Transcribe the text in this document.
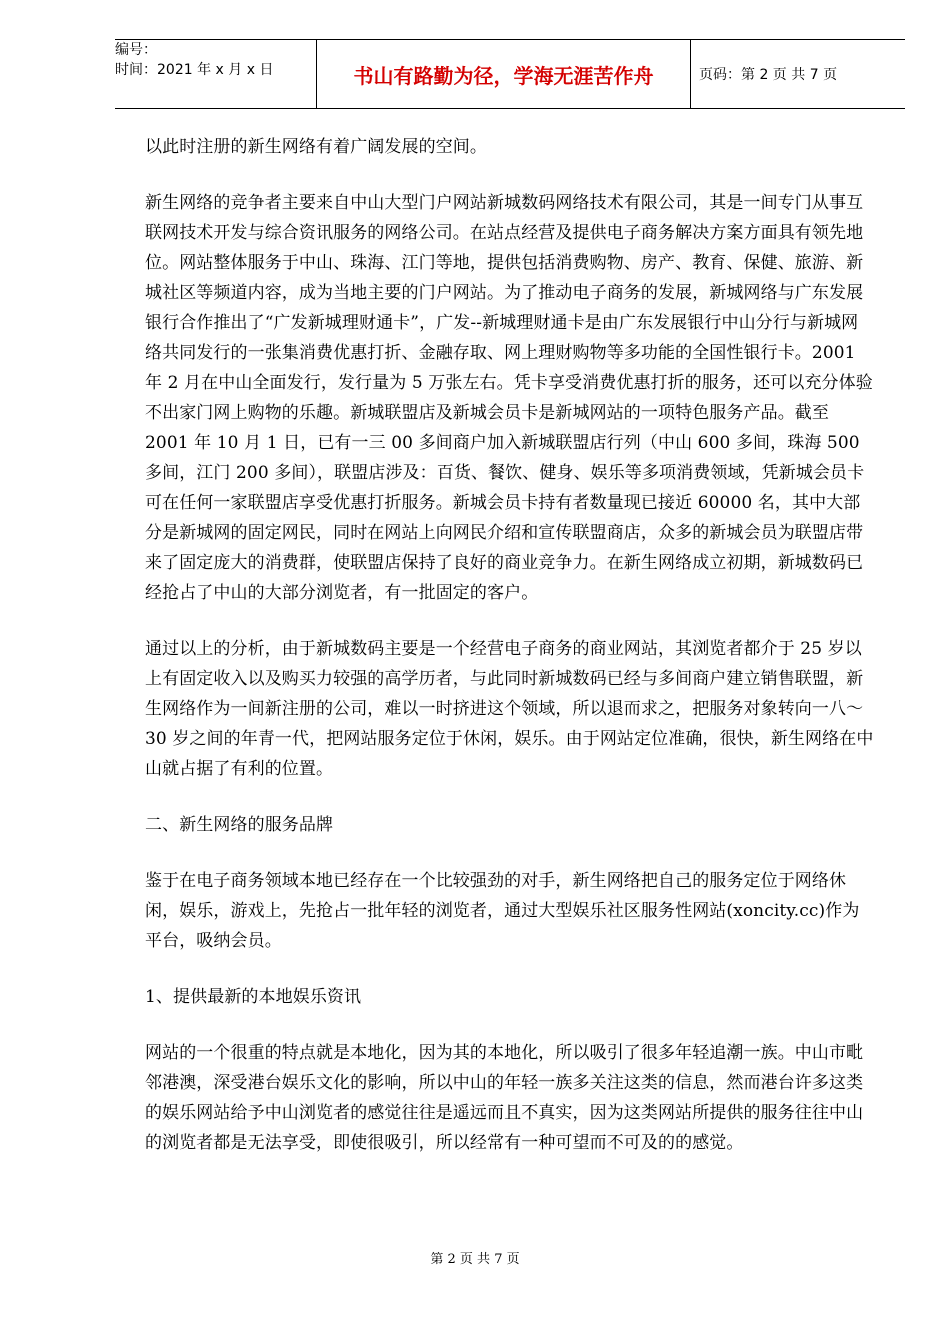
编号：
时间：2021 年 x 月 x 日	书山有路勤为径，学海无涯苦作舟	页码：第 2 页 共 7 页

以此时注册的新生网络有着广阔发展的空间。

新生网络的竞争者主要来自中山大型门户网站新城数码网络技术有限公司，其是一间专门从事互联网技术开发与综合资讯服务的网络公司。在站点经营及提供电子商务解决方案方面具有领先地位。网站整体服务于中山、珠海、江门等地，提供包括消费购物、房产、教育、保健、旅游、新城社区等频道内容，成为当地主要的门户网站。为了推动电子商务的发展，新城网络与广东发展银行合作推出了“广发新城理财通卡”，广发--新城理财通卡是由广东发展银行中山分行与新城网络共同发行的一张集消费优惠打折、金融存取、网上理财购物等多功能的全国性银行卡。2001 年 2 月在中山全面发行，发行量为 5 万张左右。凭卡享受消费优惠打折的服务，还可以充分体验不出家门网上购物的乐趣。新城联盟店及新城会员卡是新城网站的一项特色服务产品。截至 2001 年 10 月 1 日，已有一三 00 多间商户加入新城联盟店行列（中山 600 多间，珠海 500 多间，江门 200 多间），联盟店涉及：百货、餐饮、健身、娱乐等多项消费领域，凭新城会员卡可在任何一家联盟店享受优惠打折服务。新城会员卡持有者数量现已接近 60000 名，其中大部分是新城网的固定网民，同时在网站上向网民介绍和宣传联盟商店，众多的新城会员为联盟店带来了固定庞大的消费群，使联盟店保持了良好的商业竞争力。在新生网络成立初期，新城数码已经抢占了中山的大部分浏览者，有一批固定的客户。

通过以上的分析，由于新城数码主要是一个经营电子商务的商业网站，其浏览者都介于 25 岁以上有固定收入以及购买力较强的高学历者，与此同时新城数码已经与多间商户建立销售联盟，新生网络作为一间新注册的公司，难以一时挤进这个领域，所以退而求之，把服务对象转向一八～30 岁之间的年青一代，把网站服务定位于休闲，娱乐。由于网站定位准确，很快，新生网络在中山就占据了有利的位置。

二、新生网络的服务品牌

鉴于在电子商务领域本地已经存在一个比较强劲的对手，新生网络把自己的服务定位于网络休闲，娱乐，游戏上，先抢占一批年轻的浏览者，通过大型娱乐社区服务性网站(xoncity.cc)作为平台，吸纳会员。

1、提供最新的本地娱乐资讯

网站的一个很重的特点就是本地化，因为其的本地化，所以吸引了很多年轻追潮一族。中山市毗邻港澳，深受港台娱乐文化的影响，所以中山的年轻一族多关注这类的信息，然而港台许多这类的娱乐网站给予中山浏览者的感觉往往是遥远而且不真实，因为这类网站所提供的服务往往中山的浏览者都是无法享受，即使很吸引，所以经常有一种可望而不可及的的感觉。

第 2 页 共 7 页
